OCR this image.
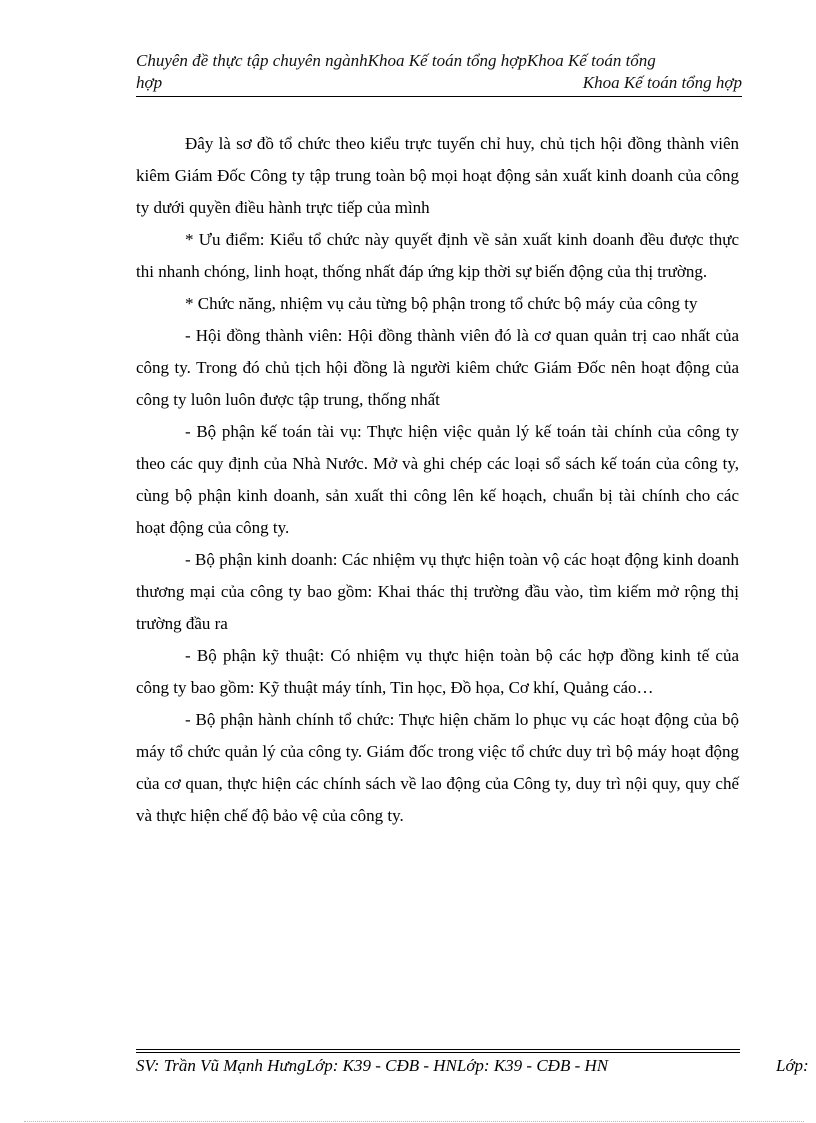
Chuyên đề thực tập chuyên ngànhKhoa Kế toán tổng hợpKhoa Kế toán tổng
hợp	Khoa Kế toán tổng hợp

Đây là sơ đồ tổ chức theo kiểu trực tuyến chỉ huy, chủ tịch hội đồng thành viên kiêm Giám Đốc Công ty tập trung toàn bộ mọi hoạt động sản xuất kinh doanh của công ty dưới quyền điều hành trực tiếp của mình

* Ưu điểm: Kiểu tổ chức này quyết định về sản xuất kinh doanh đều được thực thi nhanh chóng, linh hoạt, thống nhất đáp ứng kịp thời sự biến động của thị trường.

* Chức năng, nhiệm vụ cảu từng bộ phận trong tổ chức bộ máy của công ty

- Hội đồng thành viên: Hội đồng thành viên đó là cơ quan quản trị cao nhất của công ty. Trong đó chủ tịch hội đồng là người kiêm chức Giám Đốc nên hoạt động của công ty luôn luôn được tập trung, thống nhất

- Bộ phận kế toán tài vụ: Thực hiện việc quản lý kế toán tài chính của công ty theo các quy định của Nhà Nước. Mở và ghi chép các loại sổ sách kế toán của công ty, cùng bộ phận kinh doanh, sản xuất thi công lên kế hoạch, chuẩn bị tài chính cho các hoạt động của công ty.

- Bộ phận kinh doanh: Các nhiệm vụ thực hiện toàn vộ các hoạt động kinh doanh thương mại của công ty bao gồm: Khai thác thị trường đầu vào, tìm kiếm mở rộng thị trường đầu ra

- Bộ phận kỹ thuật: Có nhiệm vụ thực hiện toàn bộ các hợp đồng kinh tế của công ty bao gồm: Kỹ thuật máy tính, Tin học, Đồ họa, Cơ khí, Quảng cáo…

- Bộ phận hành chính tổ chức: Thực hiện chăm lo phục vụ các hoạt động của bộ máy tổ chức quản lý của công ty. Giám đốc trong việc tổ chức duy trì bộ máy hoạt động của cơ quan, thực hiện các chính sách về lao động của Công ty, duy trì nội quy, quy chế và thực hiện chế độ bảo vệ của công ty.

SV: Trần Vũ Mạnh HưngLớp: K39 - CĐB - HNLớp: K39 - CĐB - HN	Lớp:
